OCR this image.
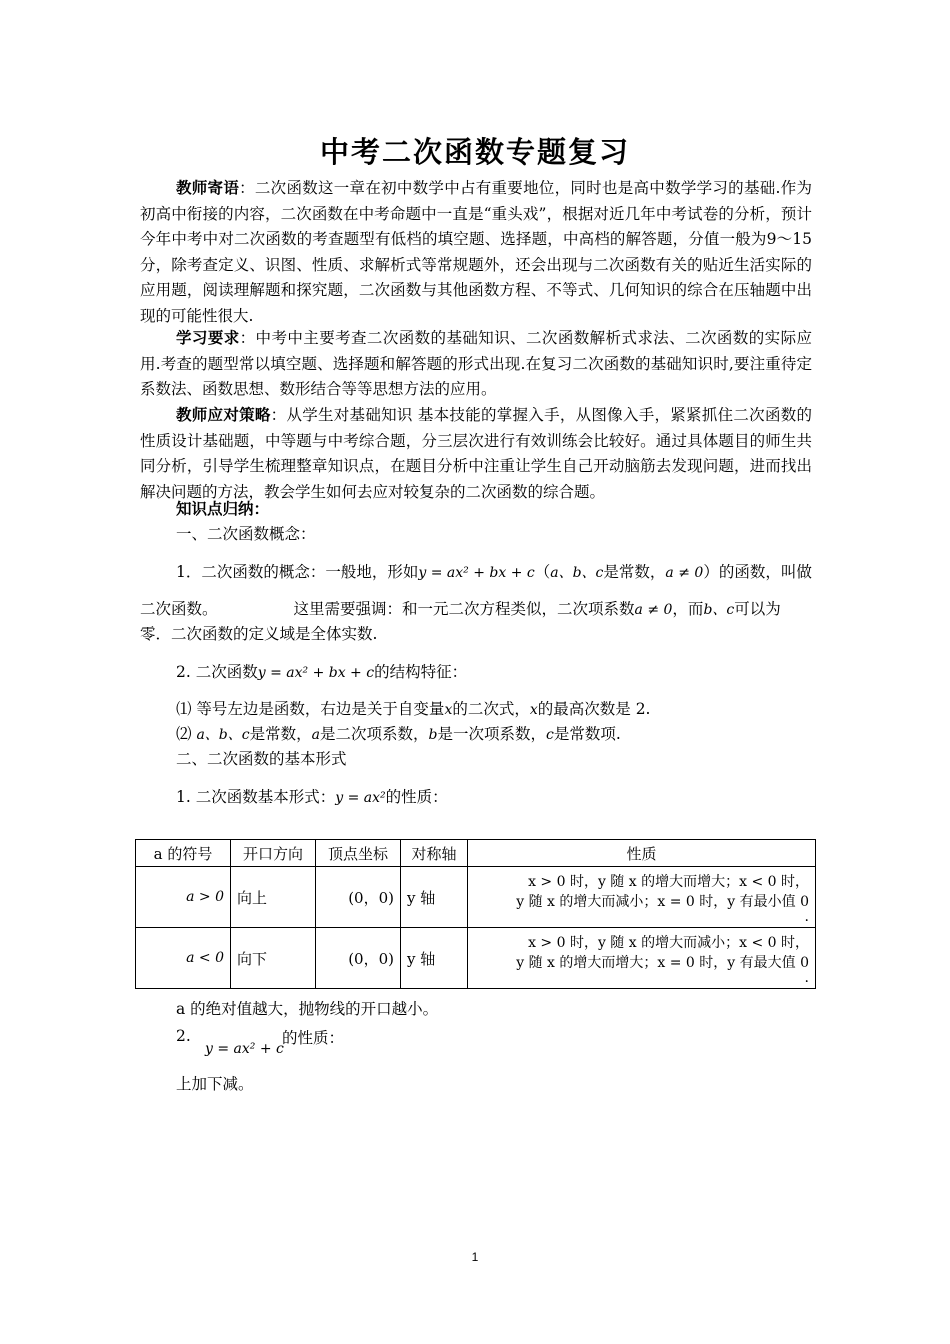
中考二次函数专题复习
教师寄语：二次函数这一章在初中数学中占有重要地位，同时也是高中数学学习的基础.作为初高中衔接的内容，二次函数在中考命题中一直是“重头戏”，根据对近几年中考试卷的分析，预计今年中考中对二次函数的考查题型有低档的填空题、选择题，中高档的解答题，分值一般为9～15分，除考查定义、识图、性质、求解析式等常规题外，还会出现与二次函数有关的贴近生活实际的应用题，阅读理解题和探究题，二次函数与其他函数方程、不等式、几何知识的综合在压轴题中出现的可能性很大.
学习要求：中考中主要考查二次函数的基础知识、二次函数解析式求法、二次函数的实际应用.考查的题型常以填空题、选择题和解答题的形式出现.在复习二次函数的基础知识时,要注重待定系数法、函数思想、数形结合等等思想方法的应用。
教师应对策略：从学生对基础知识 基本技能的掌握入手，从图像入手，紧紧抓住二次函数的性质设计基础题，中等题与中考综合题，分三层次进行有效训练会比较好。通过具体题目的师生共同分析，引导学生梳理整章知识点，在题目分析中注重让学生自己开动脑筋去发现问题，进而找出解决问题的方法，教会学生如何去应对较复杂的二次函数的综合题。
知识点归纳：
一、二次函数概念：
1．二次函数的概念：一般地，形如y = ax² + bx + c（a、b、c是常数，a ≠ 0）的函数，叫做
二次函数。	这里需要强调：和一元二次方程类似，二次项系数a ≠ 0，而b、c可以为
零．二次函数的定义域是全体实数.
2. 二次函数y = ax² + bx + c的结构特征：
⑴ 等号左边是函数，右边是关于自变量x的二次式，x的最高次数是 2.
⑵ a、b、c是常数，a是二次项系数，b是一次项系数，c是常数项.
二、二次函数的基本形式
1. 二次函数基本形式：y = ax²的性质：
a 的符号	开口方向	顶点坐标	对称轴	性质
a > 0	向上	(0，0)	y 轴	x > 0 时，y 随 x 的增大而增大；x < 0 时，
y 随 x 的增大而减小；x = 0 时，y 有最小值 0
.

a < 0	向下	(0，0)	y 轴	x > 0 时，y 随 x 的增大而减小；x < 0 时，
y 随 x 的增大而增大；x = 0 时，y 有最大值 0
.
a 的绝对值越大，抛物线的开口越小。
2.
y = ax² + c
的性质：
上加下减。
1
